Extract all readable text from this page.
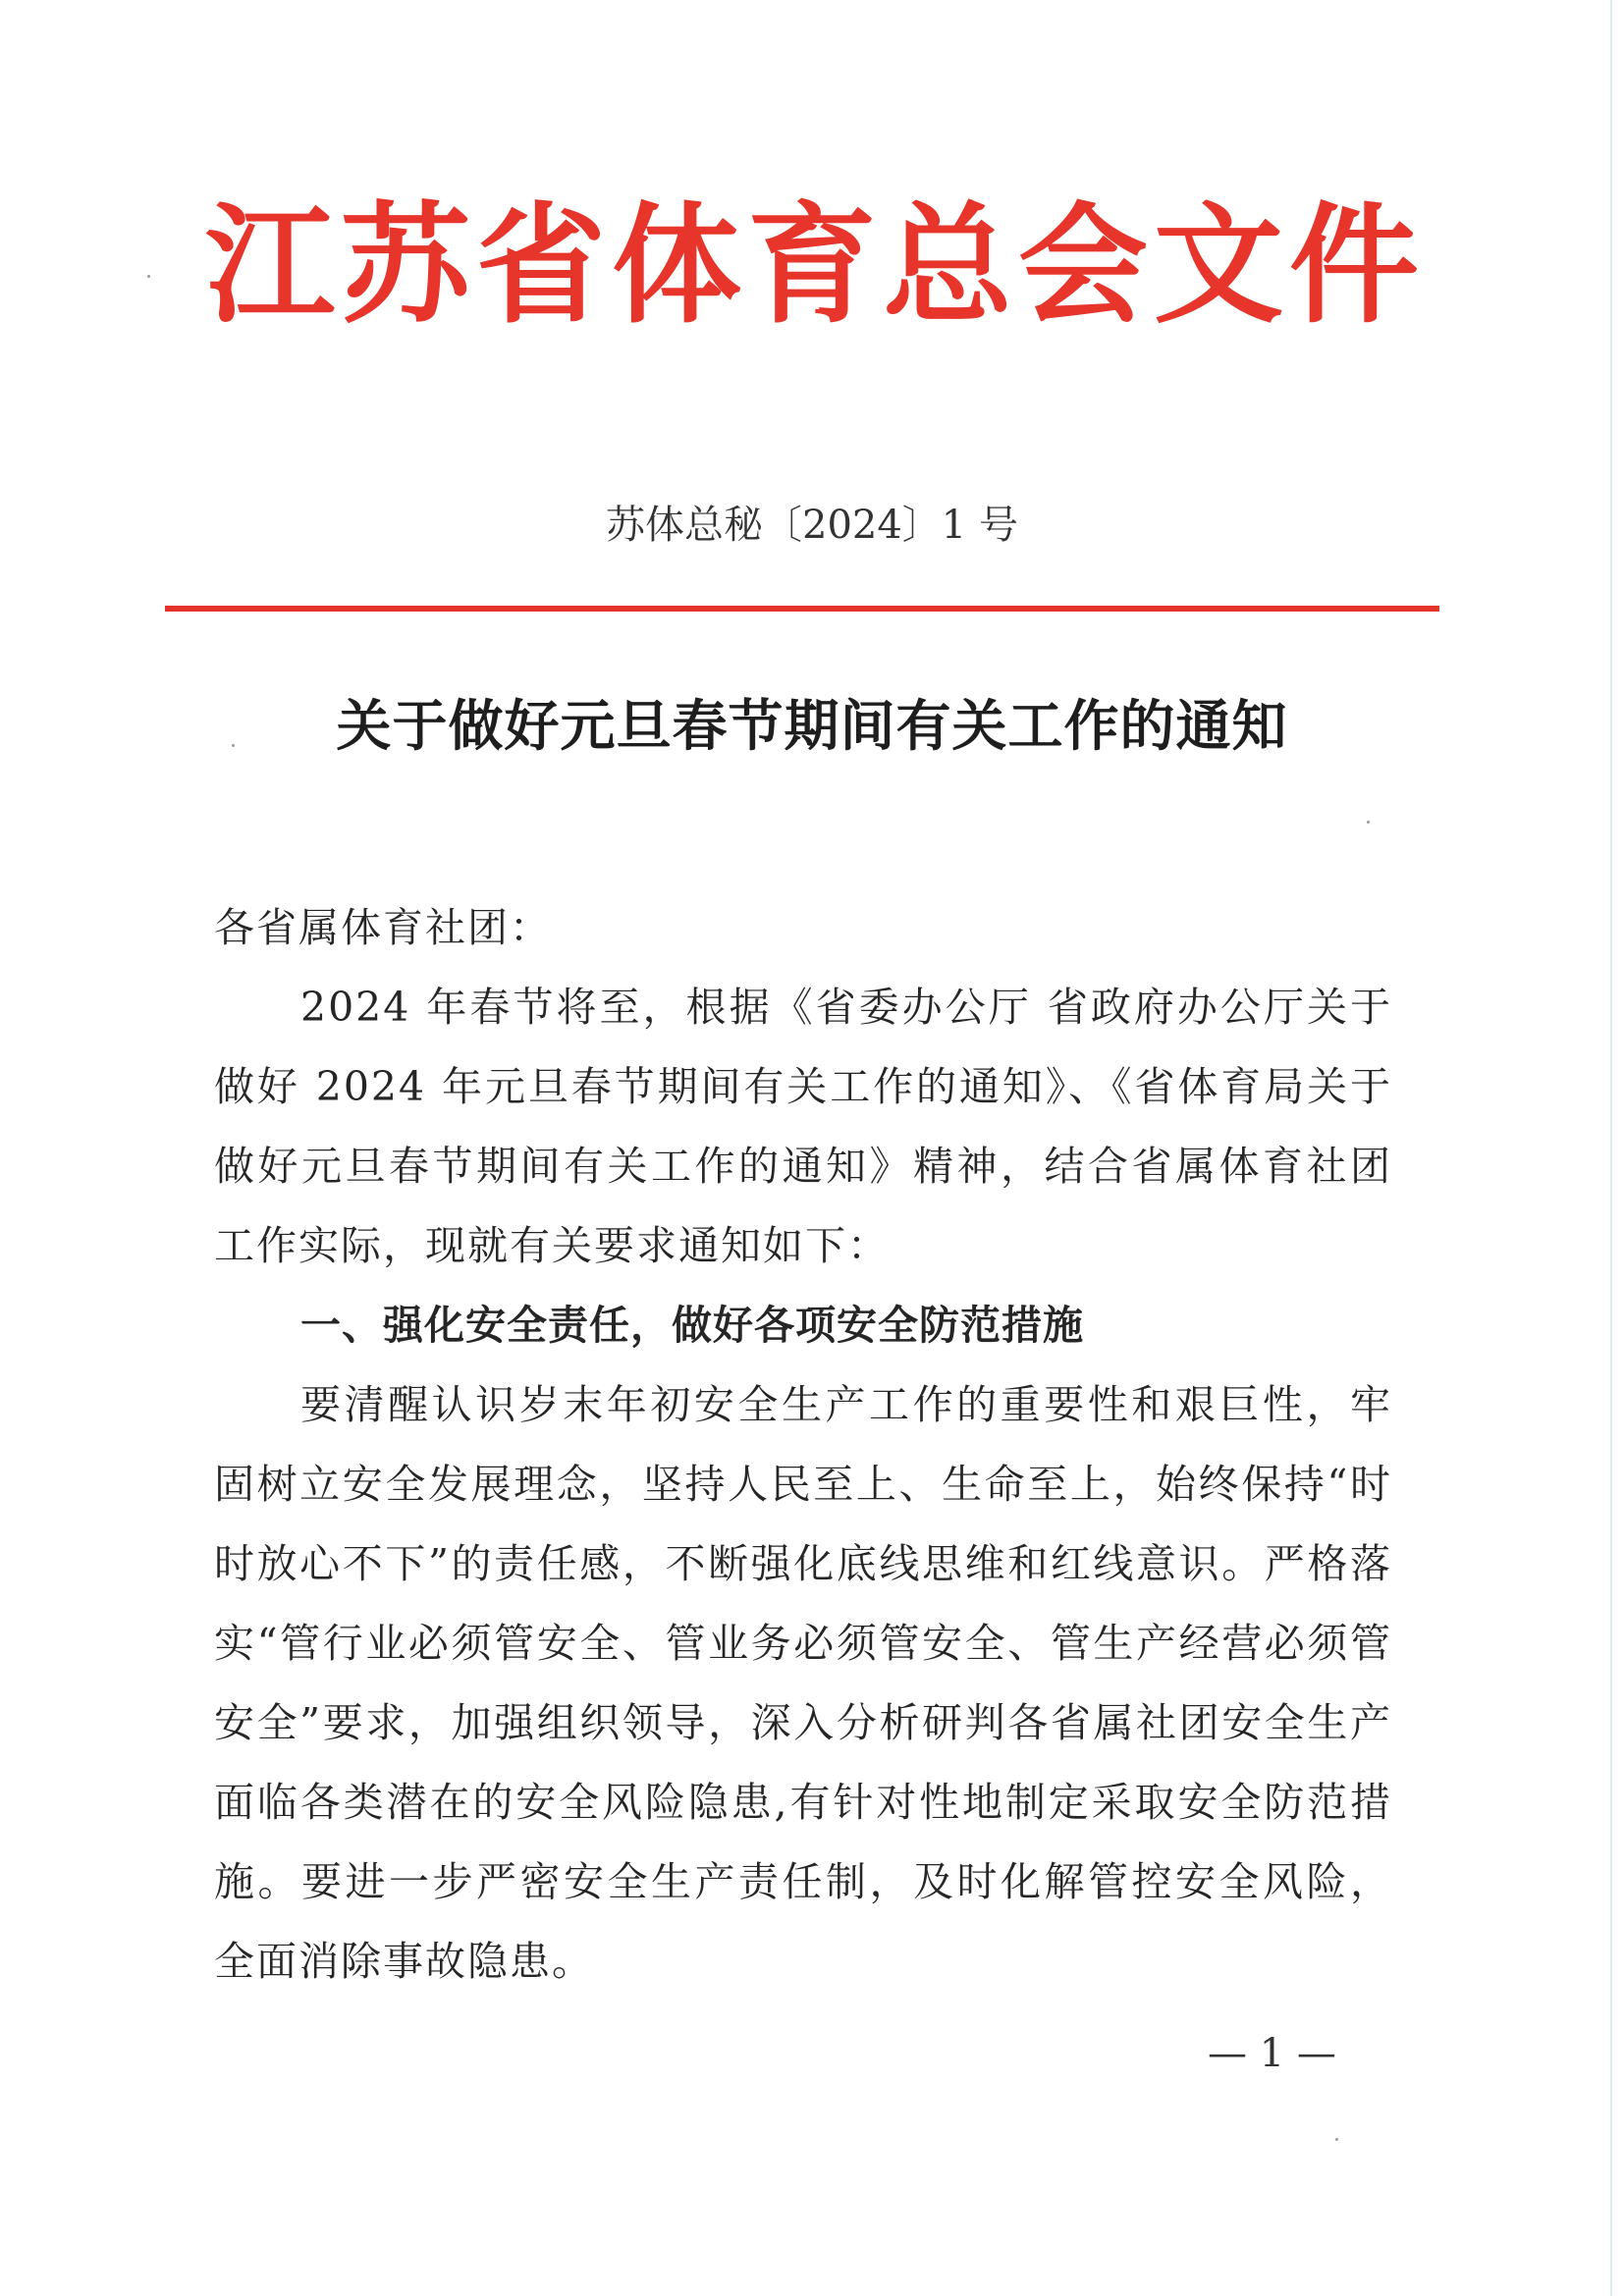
江苏省体育总会文件
苏体总秘〔2024〕1 号
关于做好元旦春节期间有关工作的通知

各省属体育社团：

2024 年春节将至，根据《省委办公厅 省政府办公厅关于做好 2024 年元旦春节期间有关工作的通知》、《省体育局关于做好元旦春节期间有关工作的通知》精神，结合省属体育社团工作实际，现就有关要求通知如下：

一、强化安全责任，做好各项安全防范措施

要清醒认识岁末年初安全生产工作的重要性和艰巨性，牢固树立安全发展理念，坚持人民至上、生命至上，始终保持“时时放心不下”的责任感，不断强化底线思维和红线意识。严格落实“管行业必须管安全、管业务必须管安全、管生产经营必须管安全”要求，加强组织领导，深入分析研判各省属社团安全生产面临各类潜在的安全风险隐患,有针对性地制定采取安全防范措施。要进一步严密安全生产责任制，及时化解管控安全风险，全面消除事故隐患。

— 1 —
